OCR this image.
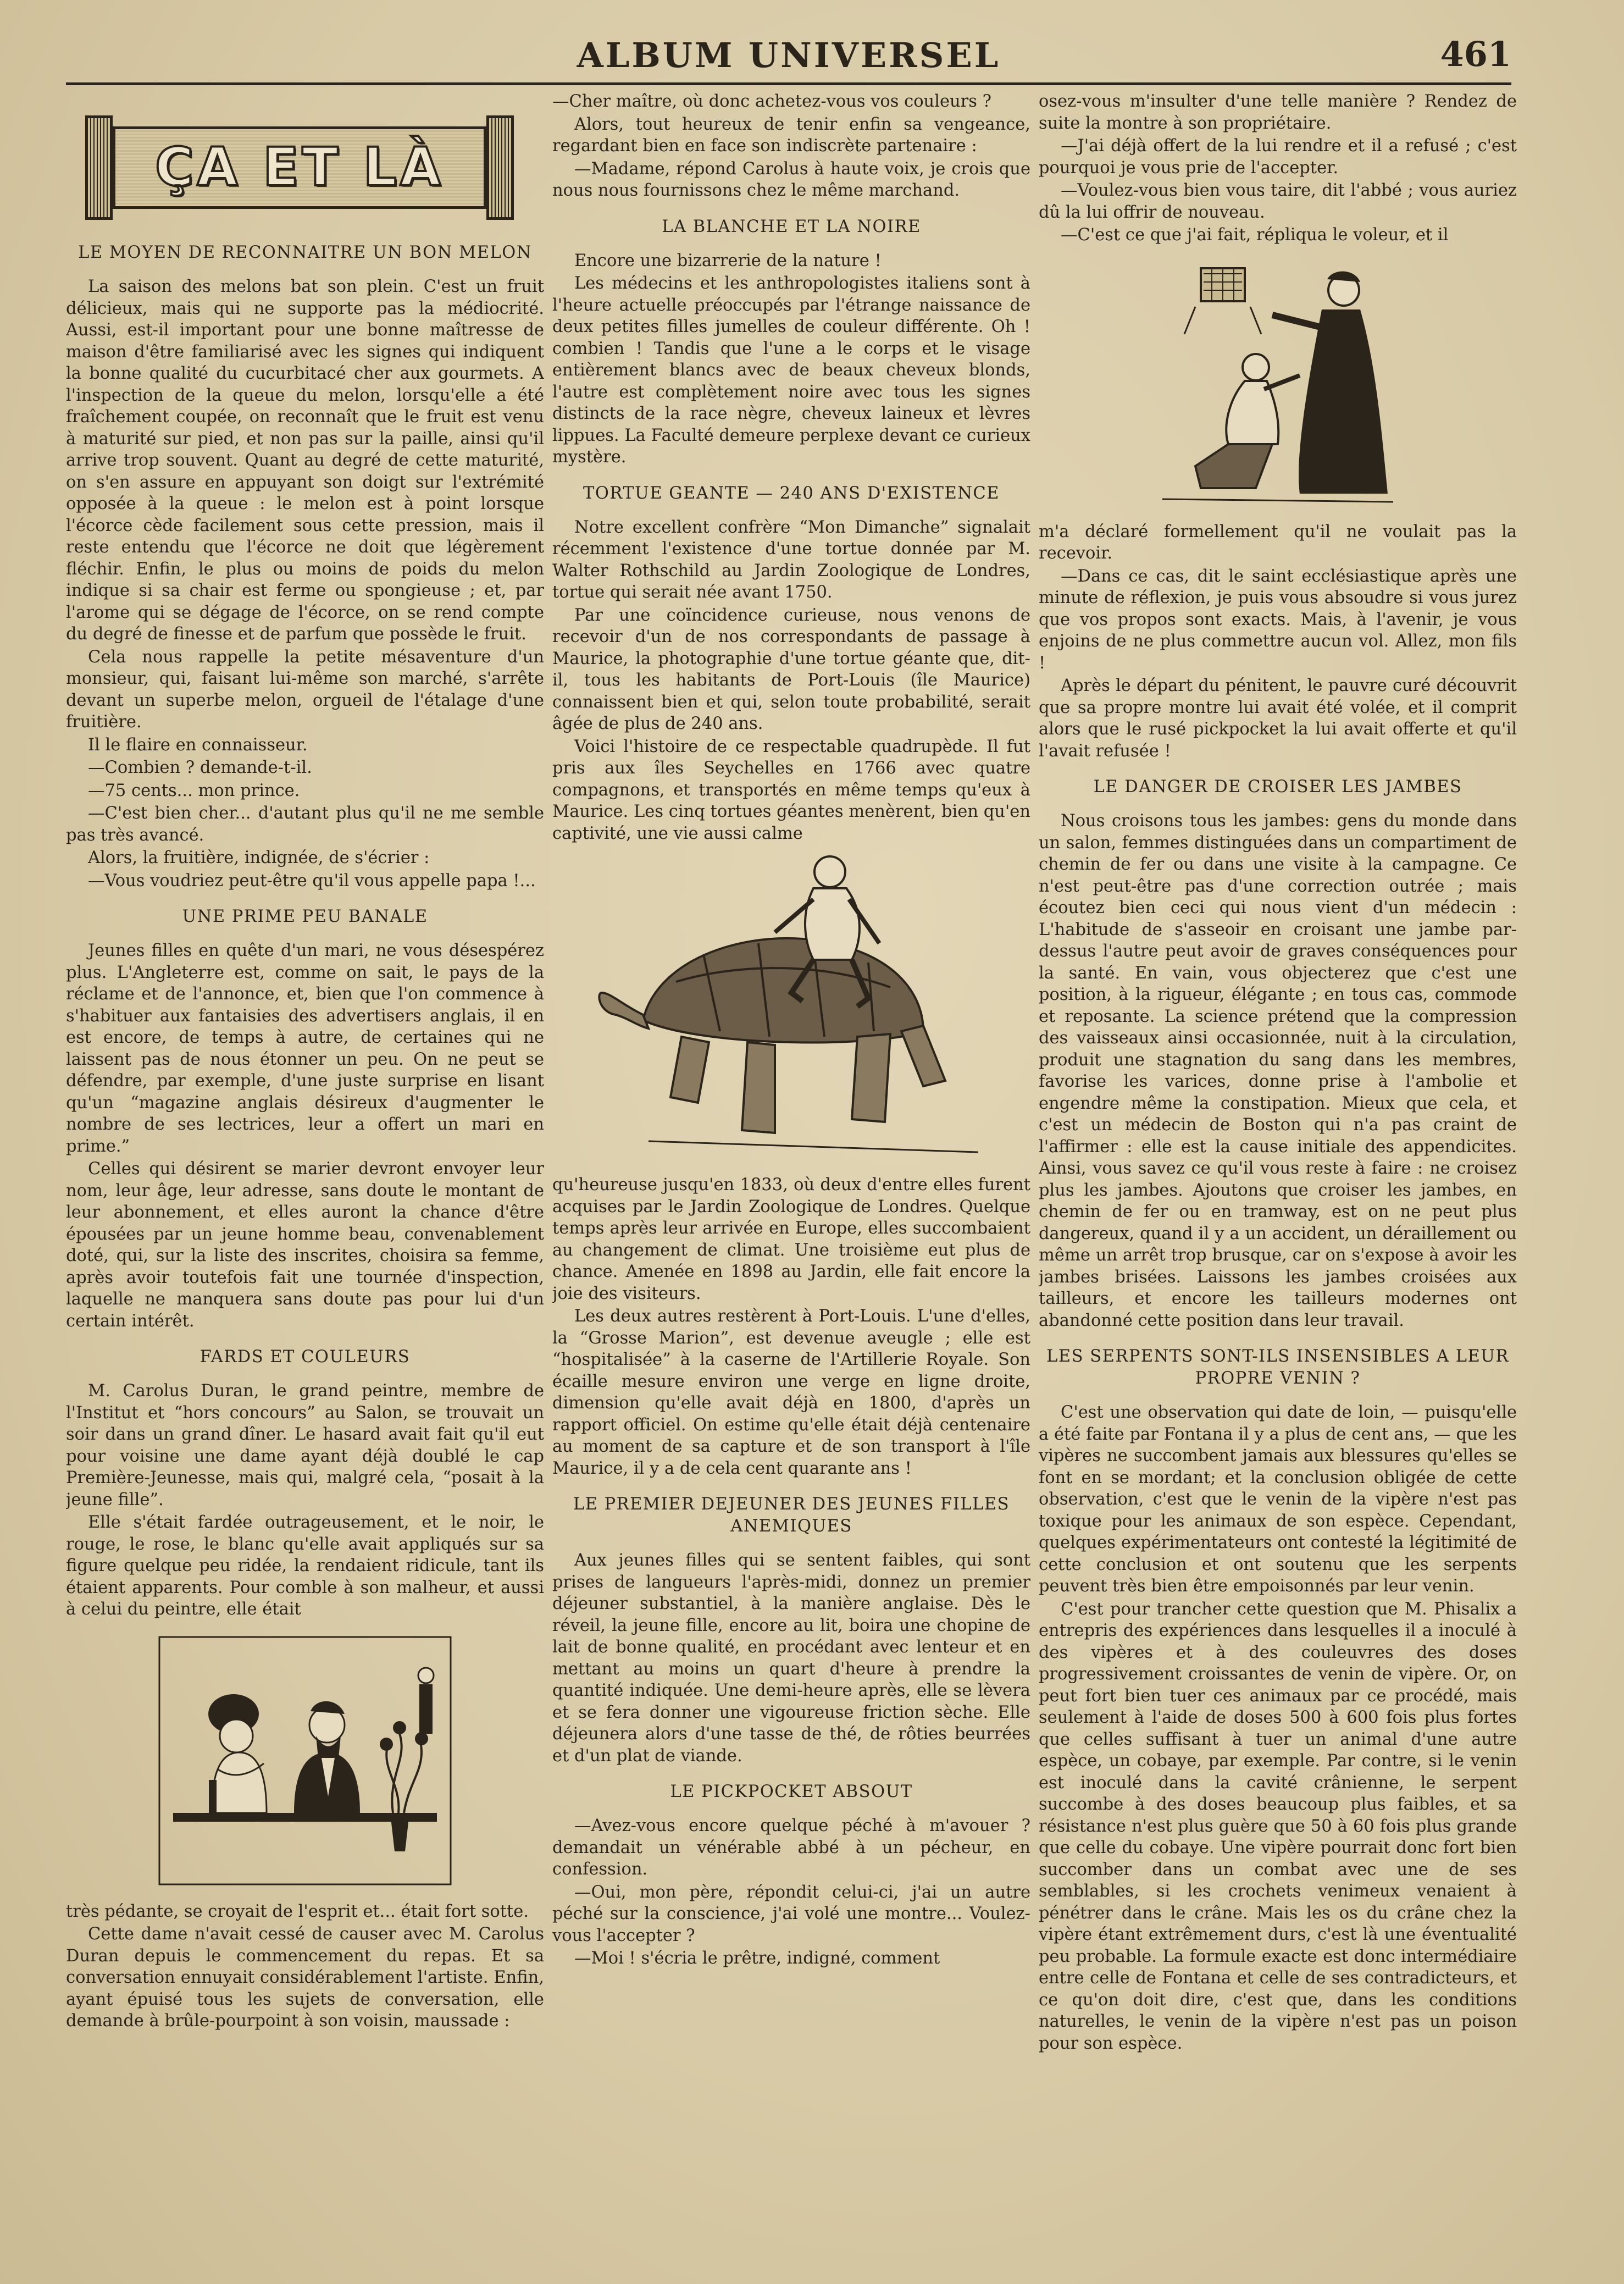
ALBUM UNIVERSEL	461
ÇA ET LÀ
LE MOYEN DE RECONNAITRE UN BON MELON

La saison des melons bat son plein. C'est un fruit délicieux, mais qui ne supporte pas la médiocrité. Aussi, est-il important pour une bonne maîtresse de maison d'être familiarisé avec les signes qui indiquent la bonne qualité du cucurbitacé cher aux gourmets. A l'inspection de la queue du melon, lorsqu'elle a été fraîchement coupée, on reconnaît que le fruit est venu à maturité sur pied, et non pas sur la paille, ainsi qu'il arrive trop souvent. Quant au degré de cette maturité, on s'en assure en appuyant son doigt sur l'extrémité opposée à la queue : le melon est à point lorsque l'écorce cède facilement sous cette pression, mais il reste entendu que l'écorce ne doit que légèrement fléchir. Enfin, le plus ou moins de poids du melon indique si sa chair est ferme ou spongieuse ; et, par l'arome qui se dégage de l'écorce, on se rend compte du degré de finesse et de parfum que possède le fruit.

Cela nous rappelle la petite mésaventure d'un monsieur, qui, faisant lui-même son marché, s'arrête devant un superbe melon, orgueil de l'étalage d'une fruitière.

Il le flaire en connaisseur.

—Combien ? demande-t-il.

—75 cents... mon prince.

—C'est bien cher... d'autant plus qu'il ne me semble pas très avancé.

Alors, la fruitière, indignée, de s'écrier :

—Vous voudriez peut-être qu'il vous appelle papa !...

UNE PRIME PEU BANALE

Jeunes filles en quête d'un mari, ne vous désespérez plus. L'Angleterre est, comme on sait, le pays de la réclame et de l'annonce, et, bien que l'on commence à s'habituer aux fantaisies des advertisers anglais, il en est encore, de temps à autre, de certaines qui ne laissent pas de nous étonner un peu. On ne peut se défendre, par exemple, d'une juste surprise en lisant qu'un “magazine anglais désireux d'augmenter le nombre de ses lectrices, leur a offert un mari en prime.”

Celles qui désirent se marier devront envoyer leur nom, leur âge, leur adresse, sans doute le montant de leur abonnement, et elles auront la chance d'être épousées par un jeune homme beau, convenablement doté, qui, sur la liste des inscrites, choisira sa femme, après avoir toutefois fait une tournée d'inspection, laquelle ne manquera sans doute pas pour lui d'un certain intérêt.

FARDS ET COULEURS

M. Carolus Duran, le grand peintre, membre de l'Institut et “hors concours” au Salon, se trouvait un soir dans un grand dîner. Le hasard avait fait qu'il eut pour voisine une dame ayant déjà doublé le cap Première-Jeunesse, mais qui, malgré cela, “posait à la jeune fille”.

Elle s'était fardée outrageusement, et le noir, le rouge, le rose, le blanc qu'elle avait appliqués sur sa figure quelque peu ridée, la rendaient ridicule, tant ils étaient apparents. Pour comble à son malheur, et aussi à celui du peintre, elle était

très pédante, se croyait de l'esprit et... était fort sotte.

Cette dame n'avait cessé de causer avec M. Carolus Duran depuis le commencement du repas. Et sa conversation ennuyait considérablement l'artiste. Enfin, ayant épuisé tous les sujets de conversation, elle demande à brûle-pourpoint à son voisin, maussade :

—Cher maître, où donc achetez-vous vos couleurs ?

Alors, tout heureux de tenir enfin sa vengeance, regardant bien en face son indiscrète partenaire :

—Madame, répond Carolus à haute voix, je crois que nous nous fournissons chez le même marchand.

LA BLANCHE ET LA NOIRE

Encore une bizarrerie de la nature !

Les médecins et les anthropologistes italiens sont à l'heure actuelle préoccupés par l'étrange naissance de deux petites filles jumelles de couleur différente. Oh ! combien ! Tandis que l'une a le corps et le visage entièrement blancs avec de beaux cheveux blonds, l'autre est complètement noire avec tous les signes distincts de la race nègre, cheveux laineux et lèvres lippues. La Faculté demeure perplexe devant ce curieux mystère.

TORTUE GEANTE — 240 ANS D'EXISTENCE

Notre excellent confrère “Mon Dimanche” signalait récemment l'existence d'une tortue donnée par M. Walter Rothschild au Jardin Zoologique de Londres, tortue qui serait née avant 1750.

Par une coïncidence curieuse, nous venons de recevoir d'un de nos correspondants de passage à Maurice, la photographie d'une tortue géante que, dit-il, tous les habitants de Port-Louis (île Maurice) connaissent bien et qui, selon toute probabilité, serait âgée de plus de 240 ans.

Voici l'histoire de ce respectable quadrupède. Il fut pris aux îles Seychelles en 1766 avec quatre compagnons, et transportés en même temps qu'eux à Maurice. Les cinq tortues géantes menèrent, bien qu'en captivité, une vie aussi calme

qu'heureuse jusqu'en 1833, où deux d'entre elles furent acquises par le Jardin Zoologique de Londres. Quelque temps après leur arrivée en Europe, elles succombaient au changement de climat. Une troisième eut plus de chance. Amenée en 1898 au Jardin, elle fait encore la joie des visiteurs.

Les deux autres restèrent à Port-Louis. L'une d'elles, la “Grosse Marion”, est devenue aveugle ; elle est “hospitalisée” à la caserne de l'Artillerie Royale. Son écaille mesure environ une verge en ligne droite, dimension qu'elle avait déjà en 1800, d'après un rapport officiel. On estime qu'elle était déjà centenaire au moment de sa capture et de son transport à l'île Maurice, il y a de cela cent quarante ans !

LE PREMIER DEJEUNER DES JEUNES FILLES ANEMIQUES

Aux jeunes filles qui se sentent faibles, qui sont prises de langueurs l'après-midi, donnez un premier déjeuner substantiel, à la manière anglaise. Dès le réveil, la jeune fille, encore au lit, boira une chopine de lait de bonne qualité, en procédant avec lenteur et en mettant au moins un quart d'heure à prendre la quantité indiquée. Une demi-heure après, elle se lèvera et se fera donner une vigoureuse friction sèche. Elle déjeunera alors d'une tasse de thé, de rôties beurrées et d'un plat de viande.

LE PICKPOCKET ABSOUT

—Avez-vous encore quelque péché à m'avouer ? demandait un vénérable abbé à un pécheur, en confession.

—Oui, mon père, répondit celui-ci, j'ai un autre péché sur la conscience, j'ai volé une montre... Voulez-vous l'accepter ?

—Moi ! s'écria le prêtre, indigné, comment

osez-vous m'insulter d'une telle manière ? Rendez de suite la montre à son propriétaire.

—J'ai déjà offert de la lui rendre et il a refusé ; c'est pourquoi je vous prie de l'accepter.

—Voulez-vous bien vous taire, dit l'abbé ; vous auriez dû la lui offrir de nouveau.

—C'est ce que j'ai fait, répliqua le voleur, et il

m'a déclaré formellement qu'il ne voulait pas la recevoir.

—Dans ce cas, dit le saint ecclésiastique après une minute de réflexion, je puis vous absoudre si vous jurez que vos propos sont exacts. Mais, à l'avenir, je vous enjoins de ne plus commettre aucun vol. Allez, mon fils !

Après le départ du pénitent, le pauvre curé découvrit que sa propre montre lui avait été volée, et il comprit alors que le rusé pickpocket la lui avait offerte et qu'il l'avait refusée !

LE DANGER DE CROISER LES JAMBES

Nous croisons tous les jambes: gens du monde dans un salon, femmes distinguées dans un compartiment de chemin de fer ou dans une visite à la campagne. Ce n'est peut-être pas d'une correction outrée ; mais écoutez bien ceci qui nous vient d'un médecin : L'habitude de s'asseoir en croisant une jambe par-dessus l'autre peut avoir de graves conséquences pour la santé. En vain, vous objecterez que c'est une position, à la rigueur, élégante ; en tous cas, commode et reposante. La science prétend que la compression des vaisseaux ainsi occasionnée, nuit à la circulation, produit une stagnation du sang dans les membres, favorise les varices, donne prise à l'ambolie et engendre même la constipation. Mieux que cela, et c'est un médecin de Boston qui n'a pas craint de l'affirmer : elle est la cause initiale des appendicites. Ainsi, vous savez ce qu'il vous reste à faire : ne croisez plus les jambes. Ajoutons que croiser les jambes, en chemin de fer ou en tramway, est on ne peut plus dangereux, quand il y a un accident, un déraillement ou même un arrêt trop brusque, car on s'expose à avoir les jambes brisées. Laissons les jambes croisées aux tailleurs, et encore les tailleurs modernes ont abandonné cette position dans leur travail.

LES SERPENTS SONT-ILS INSENSIBLES A LEUR PROPRE VENIN ?

C'est une observation qui date de loin, — puisqu'elle a été faite par Fontana il y a plus de cent ans, — que les vipères ne succombent jamais aux blessures qu'elles se font en se mordant; et la conclusion obligée de cette observation, c'est que le venin de la vipère n'est pas toxique pour les animaux de son espèce. Cependant, quelques expérimentateurs ont contesté la légitimité de cette conclusion et ont soutenu que les serpents peuvent très bien être empoisonnés par leur venin.

C'est pour trancher cette question que M. Phisalix a entrepris des expériences dans lesquelles il a inoculé à des vipères et à des couleuvres des doses progressivement croissantes de venin de vipère. Or, on peut fort bien tuer ces animaux par ce procédé, mais seulement à l'aide de doses 500 à 600 fois plus fortes que celles suffisant à tuer un animal d'une autre espèce, un cobaye, par exemple. Par contre, si le venin est inoculé dans la cavité crânienne, le serpent succombe à des doses beaucoup plus faibles, et sa résistance n'est plus guère que 50 à 60 fois plus grande que celle du cobaye. Une vipère pourrait donc fort bien succomber dans un combat avec une de ses semblables, si les crochets venimeux venaient à pénétrer dans le crâne. Mais les os du crâne chez la vipère étant extrêmement durs, c'est là une éventualité peu probable. La formule exacte est donc intermédiaire entre celle de Fontana et celle de ses contradicteurs, et ce qu'on doit dire, c'est que, dans les conditions naturelles, le venin de la vipère n'est pas un poison pour son espèce.
